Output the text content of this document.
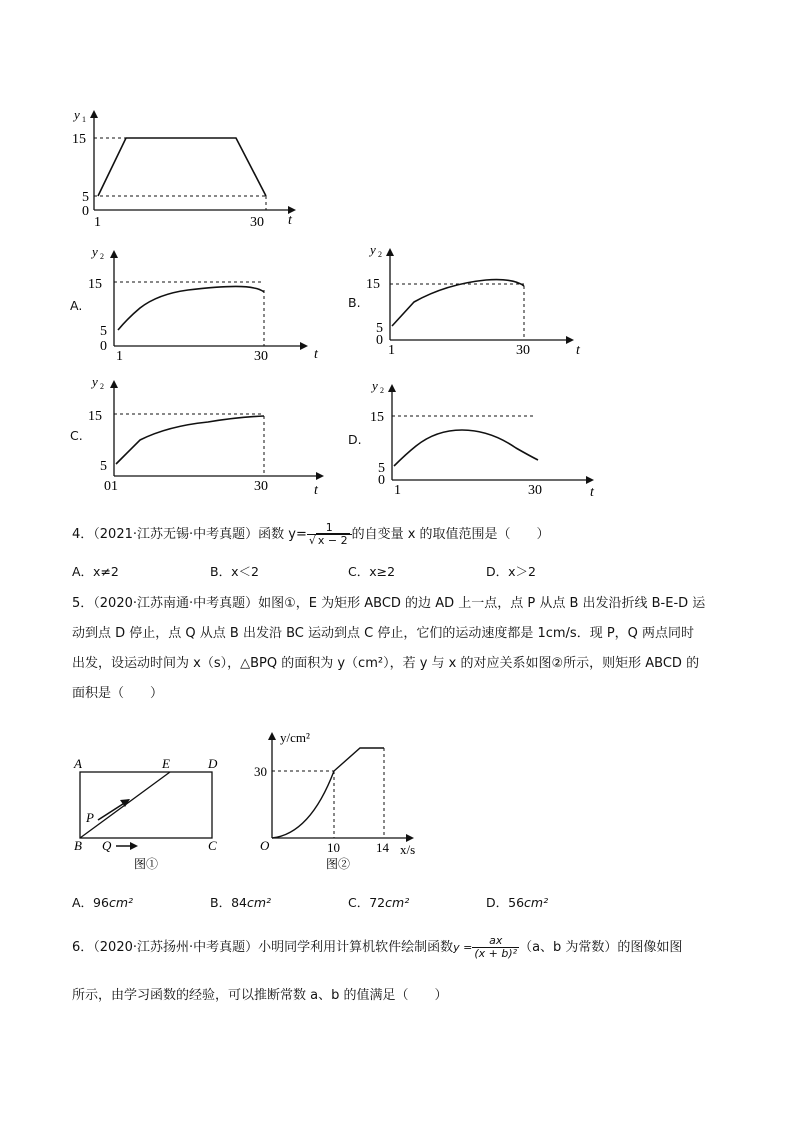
y 1
15
5
0
1	30 t
A.
y 2
15
5
0
1	30	t
B.
y 2
15
5
0
1	30	t
C.
y 2
15
5
01	30	t
D.
y 2
15
5
0
1	30	t
4．（2021·江苏无锡·中考真题）函数 $y= \frac{1}{√ x - 2}$ 的自变量 x 的取值范围是（　　）
A．x≠2	B．x＜2	C．x≥2	D．x＞2
5．（2020·江苏南通·中考真题）如图①，E 为矩形 ABCD 的边 AD 上一点，点 P 从点 B 出发沿折线 B-E-D 运
动到点 D 停止，点 Q 从点 B 出发沿 BC 运动到点 C 停止，它们的运动速度都是 1cm/s．现 P，Q 两点同时
出发，设运动时间为 x（s），△BPQ 的面积为 y（cm²），若 y 与 x 的对应关系如图②所示，则矩形 ABCD 的
面积是（　　）
A	E	D
P
B Q	C
图①
y/cm²
30
O	10	14 x/s
图②
A．96cm²	B．84cm²	C．72cm²	D．56cm²
6．（2020·江苏扬州·中考真题）小明同学利用计算机软件绘制函数$y = \frac{ax}{\text{(x + b)²}} (a$、b 为常数）的图像如图
所示，由学习函数的经验，可以推断常数 a、b 的值满足（　　）
